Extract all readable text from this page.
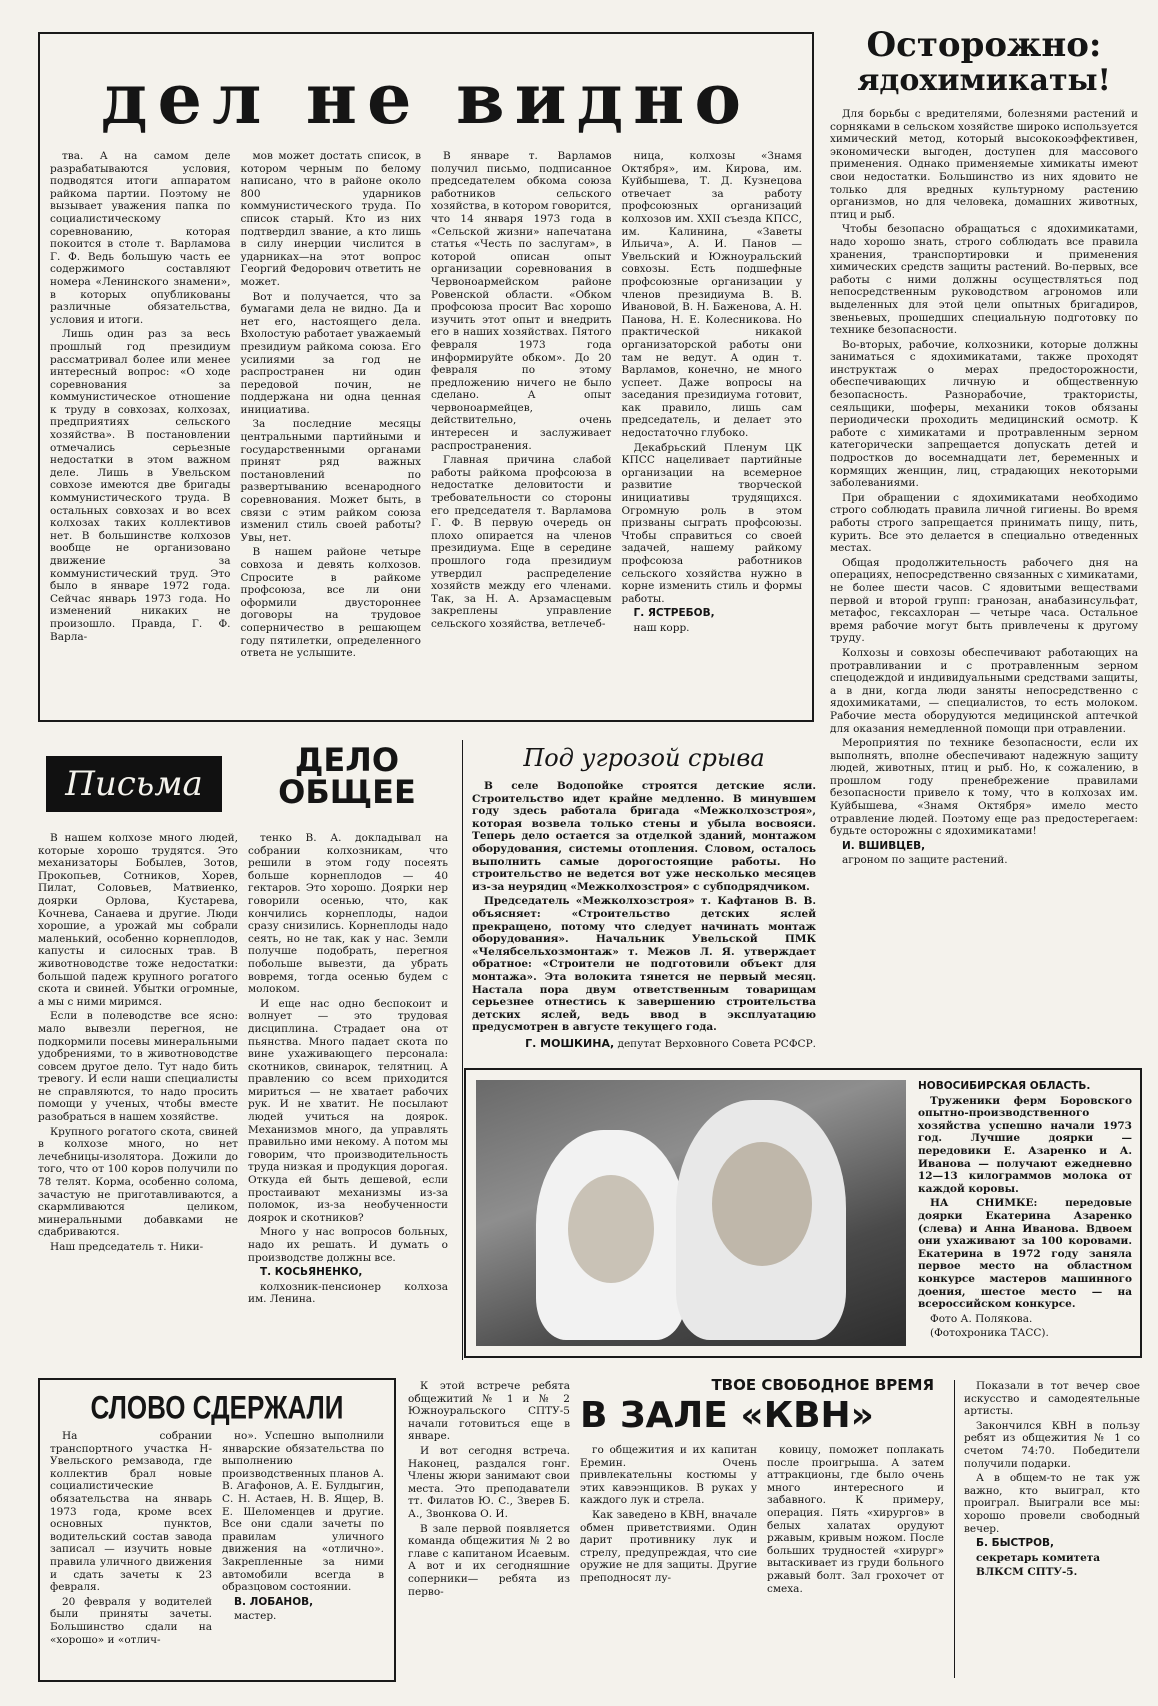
дел не видно

тва. А на самом деле разрабатываются условия, подводятся итоги аппаратом райкома партии. Поэтому не вызывает уважения папка по социалистическому соревнованию, которая покоится в столе т. Варламова Г. Ф. Ведь большую часть ее содержимого составляют номера «Ленинского знамени», в которых опубликованы различные обязательства, условия и итоги.

Лишь один раз за весь прошлый год президиум рассматривал более или менее интересный вопрос: «О ходе соревнования за коммунистическое отношение к труду в совхозах, колхозах, предприятиях сельского хозяйства». В постановлении отмечались серьезные недостатки в этом важном деле. Лишь в Увельском совхозе имеются две бригады коммунистического труда. В остальных совхозах и во всех колхозах таких коллективов нет. В большинстве колхозов вообще не организовано движение за коммунистический труд. Это было в январе 1972 года. Сейчас январь 1973 года. Но изменений никаких не произошло. Правда, Г. Ф. Варла-

мов может достать список, в котором черным по белому написано, что в районе около 800 ударников коммунистического труда. По список старый. Кто из них подтвердил звание, а кто лишь в силу инерции числится в ударниках—на этот вопрос Георгий Федорович ответить не может.

Вот и получается, что за бумагами дела не видно. Да и нет его, настоящего дела. Вхолостую работает уважаемый президиум райкома союза. Его усилиями за год не распространен ни один передовой почин, не поддержана ни одна ценная инициатива.

За последние месяцы центральными партийными и государственными органами принят ряд важных постановлений по развертыванию всенародного соревнования. Может быть, в связи с этим райком союза изменил стиль своей работы? Увы, нет.

В нашем районе четыре совхоза и девять колхозов. Спросите в райкоме профсоюза, все ли они оформили двустороннее договоры на трудовое соперничество в решающем году пятилетки, определенного ответа не услышите.

В январе т. Варламов получил письмо, подписанное председателем обкома союза работников сельского хозяйства, в котором говорится, что 14 января 1973 года в «Сельской жизни» напечатана статья «Честь по заслугам», в которой описан опыт организации соревнования в Червоноармейском районе Ровенской области. «Обком профсоюза просит Вас хорошо изучить этот опыт и внедрить его в наших хозяйствах. Пятого февраля 1973 года информируйте обком». До 20 февраля по этому предложению ничего не было сделано. А опыт червоноармейцев, действительно, очень интересен и заслуживает распространения.

Главная причина слабой работы райкома профсоюза в недостатке деловитости и требовательности со стороны его председателя т. Варламова Г. Ф. В первую очередь он плохо опирается на членов президиума. Еще в середине прошлого года президиум утвердил распределение хозяйств между его членами. Так, за Н. А. Арзамасцевым закреплены управление сельского хозяйства, ветлечеб-

ница, колхозы «Знамя Октября», им. Кирова, им. Куйбышева, Т. Д. Кузнецова отвечает за работу профсоюзных организаций колхозов им. XXII съезда КПСС, им. Калинина, «Заветы Ильича», А. И. Панов — Увельский и Южноуральский совхозы. Есть подшефные профсоюзные организации у членов президиума В. В. Ивановой, В. Н. Баженова, А. Н. Панова, Н. Е. Колесникова. Но практической никакой организаторской работы они там не ведут. А один т. Варламов, конечно, не много успеет. Даже вопросы на заседания президиума готовит, как правило, лишь сам председатель, и делает это недостаточно глубоко.

Декабрьский Пленум ЦК КПСС нацеливает партийные организации на всемерное развитие творческой инициативы трудящихся. Огромную роль в этом призваны сыграть профсоюзы. Чтобы справиться со своей задачей, нашему райкому профсоюза работников сельского хозяйства нужно в корне изменить стиль и формы работы.

Г. ЯСТРЕБОВ,

наш корр.

Осторожно:
ядохимикаты!

Для борьбы с вредителями, болезнями растений и сорняками в сельском хозяйстве широко используется химический метод, который высококоэффективен, экономически выгоден, доступен для массового применения. Однако применяемые химикаты имеют свои недостатки. Большинство из них ядовито не только для вредных культурному растению организмов, но для человека, домашних животных, птиц и рыб.

Чтобы безопасно обращаться с ядохимикатами, надо хорошо знать, строго соблюдать все правила хранения, транспортировки и применения химических средств защиты растений. Во-первых, все работы с ними должны осуществляться под непосредственным руководством агрономов или выделенных для этой цели опытных бригадиров, звеньевых, прошедших специальную подготовку по технике безопасности.

Во-вторых, рабочие, колхозники, которые должны заниматься с ядохимикатами, также проходят инструктаж о мерах предосторожности, обеспечивающих личную и общественную безопасность. Разнорабочие, трактористы, сеяльщики, шоферы, механики токов обязаны периодически проходить медицинский осмотр. К работе с химикатами и протравленным зерном категорически запрещается допускать детей и подростков до восемнадцати лет, беременных и кормящих женщин, лиц, страдающих некоторыми заболеваниями.

При обращении с ядохимикатами необходимо строго соблюдать правила личной гигиены. Во время работы строго запрещается принимать пищу, пить, курить. Все это делается в специально отведенных местах.

Общая продолжительность рабочего дня на операциях, непосредственно связанных с химикатами, не более шести часов. С ядовитыми веществами первой и второй групп: гранозан, анабазинсульфат, метафос, гексахлоран — четыре часа. Остальное время рабочие могут быть привлечены к другому труду.

Колхозы и совхозы обеспечивают работающих на протравливании и с протравленным зерном спецодеждой и индивидуальными средствами защиты, а в дни, когда люди заняты непосредственно с ядохимикатами, — специалистов, то есть молоком. Рабочие места оборудуются медицинской аптечкой для оказания немедленной помощи при отравлении.

Мероприятия по технике безопасности, если их выполнять, вполне обеспечивают надежную защиту людей, животных, птиц и рыб. Но, к сожалению, в прошлом году пренебрежение правилами безопасности привело к тому, что в колхозах им. Куйбышева, «Знамя Октября» имело место отравление людей. Поэтому еще раз предостерегаем: будьте осторожны с ядохимикатами!

И. ВШИВЦЕВ,

агроном по защите растений.

Письма
ДЕЛО
ОБЩЕЕ

В нашем колхозе много людей, которые хорошо трудятся. Это механизаторы Бобылев, Зотов, Прокопьев, Сотников, Хорев, Пилат, Соловьев, Матвиенко, доярки Орлова, Кустарева, Кочнева, Санаева и другие. Люди хорошие, а урожай мы собрали маленький, особенно корнеплодов, капусты и силосных трав. В животноводстве тоже недостатки: большой падеж крупного рогатого скота и свиней. Убытки огромные, а мы с ними миримся.

Если в полеводстве все ясно: мало вывезли перегноя, не подкормили посевы минеральными удобрениями, то в животноводстве совсем другое дело. Тут надо бить тревогу. И если наши специалисты не справляются, то надо просить помощи у ученых, чтобы вместе разобраться в нашем хозяйстве.

Крупного рогатого скота, свиней в колхозе много, но нет лечебницы-изолятора. Дожили до того, что от 100 коров получили по 78 телят. Корма, особенно солома, зачастую не приготавливаются, а скармливаются целиком, минеральными добавками не сдабриваются.

Наш председатель т. Ники-

тенко В. А. докладывал на собрании колхозникам, что решили в этом году посеять больше корнеплодов — 40 гектаров. Это хорошо. Доярки нер говорили осенью, что, как кончились корнеплоды, надои сразу снизились. Корнеплоды надо сеять, но не так, как у нас. Земли получше подобрать, перегноя побольше вывезти, да убрать вовремя, тогда осенью будем с молоком.

И еще нас одно беспокоит и волнует — это трудовая дисциплина. Страдает она от пьянства. Много падает скота по вине ухаживающего персонала: скотников, свинарок, телятниц. А правлению со всем приходится мириться — не хватает рабочих рук. И не хватит. Не посылают людей учиться на доярок. Механизмов много, да управлять правильно ими некому. А потом мы говорим, что производительность труда низкая и продукция дорогая. Откуда ей быть дешевой, если простаивают механизмы из-за поломок, из-за необученности доярок и скотников?

Много у нас вопросов больных, надо их решать. И думать о производстве должны все.

Т. КОСЬЯНЕНКО,

колхозник-пенсионер колхоза им. Ленина.

Под угрозой срыва

В селе Водопойке строятся детские ясли. Строительство идет крайне медленно. В минувшем году здесь работала бригада «Межколхозстроя», которая возвела только стены и убыла восвояси. Теперь дело остается за отделкой зданий, монтажом оборудования, системы отопления. Словом, осталось выполнить самые дорогостоящие работы. Но строительство не ведется вот уже несколько месяцев из-за неурядиц «Межколхозстроя» с субподрядчиком.

Председатель «Межколхозстроя» т. Кафтанов В. В. объясняет: «Строительство детских яслей прекращено, потому что следует начинать монтаж оборудования». Начальник Увельской ПМК «Челябсельхозмонтаж» т. Межов Л. Я. утверждает обратное: «Строители не подготовили объект для монтажа». Эта волокита тянется не первый месяц. Настала пора двум ответственным товарищам серьезнее отнестись к завершению строительства детских яслей, ведь ввод в эксплуатацию предусмотрен в августе текущего года.

Г. МОШКИНА, депутат Верховного Совета РСФСР.

НОВОСИБИРСКАЯ ОБЛАСТЬ.

Труженики ферм Боровского опытно-производственного хозяйства успешно начали 1973 год. Лучшие доярки — передовики Е. Азаренко и А. Иванова — получают ежедневно 12—13 килограммов молока от каждой коровы.

НА СНИМКЕ: передовые доярки Екатерина Азаренко (слева) и Анна Иванова. Вдвоем они ухаживают за 100 коровами. Екатерина в 1972 году заняла первое место на областном конкурсе мастеров машинного доения, шестое место — на всероссийском конкурсе.

Фото А. Полякова.

(Фотохроника ТАСС).

СЛОВО СДЕРЖАЛИ

На собрании транспортного участка Н-Увельского ремзавода, где коллектив брал новые социалистические обязательства на январь 1973 года, кроме всех основных пунктов, водительский состав завода записал — изучить новые правила уличного движения и сдать зачеты к 23 февраля.

20 февраля у водителей были приняты зачеты. Большинство сдали на «хорошо» и «отлич-

но». Успешно выполнили январские обязательства по выполнению производственных планов А. В. Агафонов, А. Е. Булдыгин, С. Н. Астаев, Н. В. Ящер, В. Е. Шеломенцев и другие. Все они сдали зачеты по правилам уличного движения на «отлично». Закрепленные за ними автомобили всегда в образцовом состоянии.

В. ЛОБАНОВ,

мастер.

К этой встрече ребята общежитий № 1 и № 2 Южноуральского СПТУ-5 начали готовиться еще в январе.

И вот сегодня встреча. Наконец, раздался гонг. Члены жюри занимают свои места. Это преподаватели тт. Филатов Ю. С., Зверев Б. А., Звонкова О. И.

В зале первой появляется команда общежития № 2 во главе с капитаном Исаевым. А вот и их сегодняшние соперники— ребята из перво-

ТВОЕ СВОБОДНОЕ ВРЕМЯ
В ЗАЛЕ «КВН»

го общежития и их капитан Еремин. Очень привлекательны костюмы у этих кавээнщиков. В руках у каждого лук и стрела.

Как заведено в КВН, вначале обмен приветствиями. Один дарит противнику лук и стрелу, предупреждая, что сие оружие не для защиты. Другие преподносят лу-

ковицу, поможет поплакать после проигрыша. А затем аттракционы, где было очень много интересного и забавного. К примеру, операция. Пять «хирургов» в белых халатах орудуют ржавым, кривым ножом. После больших трудностей «хирург» вытаскивает из груди больного ржавый болт. Зал грохочет от смеха.

Показали в тот вечер свое искусство и самодеятельные артисты.

Закончился КВН в пользу ребят из общежития № 1 со счетом 74:70. Победители получили подарки.

А в общем-то не так уж важно, кто выиграл, кто проиграл. Выиграли все мы: хорошо провели свободный вечер.

Б. БЫСТРОВ,

секретарь комитета

ВЛКСМ СПТУ-5.
